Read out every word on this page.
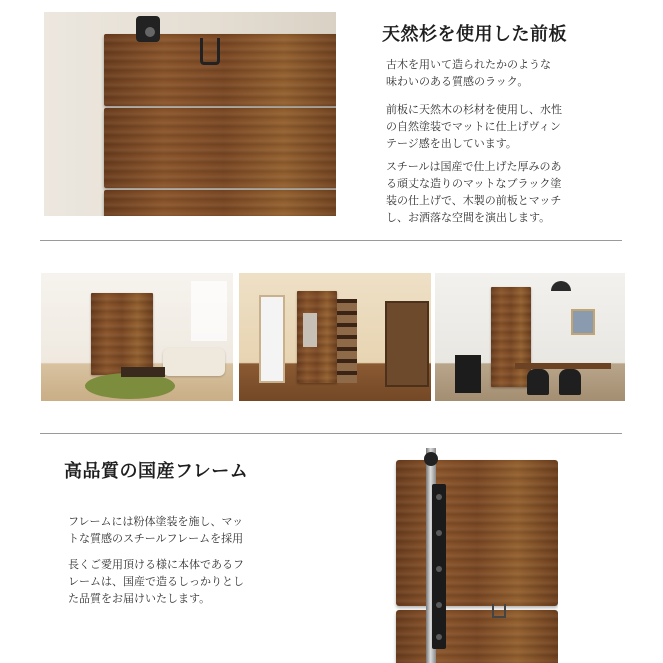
天然杉を使用した前板

古木を用いて造られたかのような
味わいのある質感のラック。

前板に天然木の杉材を使用し、水性
の自然塗装でマットに仕上げヴィン
テージ感を出しています。

スチールは国産で仕上げた厚みのあ
る頑丈な造りのマットなブラック塗
装の仕上げで、木製の前板とマッチ
し、お洒落な空間を演出します。

高品質の国産フレーム

フレームには粉体塗装を施し、マッ
トな質感のスチールフレームを採用

長くご愛用頂ける様に本体であるフ
レームは、国産で造るしっかりとし
た品質をお届けいたします。
